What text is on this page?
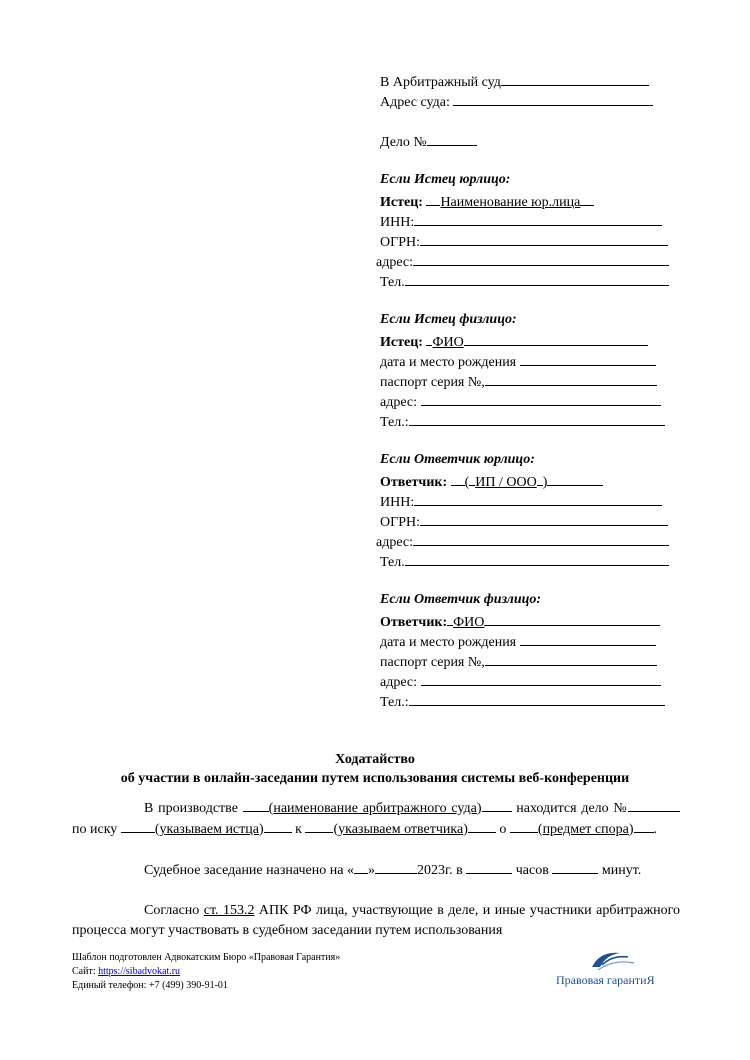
В Арбитражный суд
Адрес суда:
Дело №
Если Истец юрлицо:
Истец: Наименование юр.лица
ИНН:
ОГРН:
адрес:
Тел.
Если Истец физлицо:
Истец: ФИО
дата и место рождения
паспорт серия №,
адрес:
Тел.:
Если Ответчик юрлицо:
Ответчик: ( ИП / ООО )
ИНН:
ОГРН:
адрес:
Тел.
Если Ответчик физлицо:
Ответчик: ФИО
дата и место рождения
паспорт серия №,
адрес:
Тел.:
Ходатайство
об участии в онлайн-заседании путем использования системы веб-конференции

В производстве (наименование арбитражного суда) находится дело № по иску	(указываем истца) к (указываем ответчика) о (предмет спора) .

Судебное заседание назначено на « »	2023г. в	часов	минут.

Согласно ст. 153.2 АПК РФ лица, участвующие в деле, и иные участники арбитражного процесса могут участвовать в судебном заседании путем использования

Шаблон подготовлен Адвокатским Бюро «Правовая Гарантия»
Сайт: https://sibadvokat.ru
Единый телефон: +7 (499) 390-91-01	Правовая гарантиЯ
